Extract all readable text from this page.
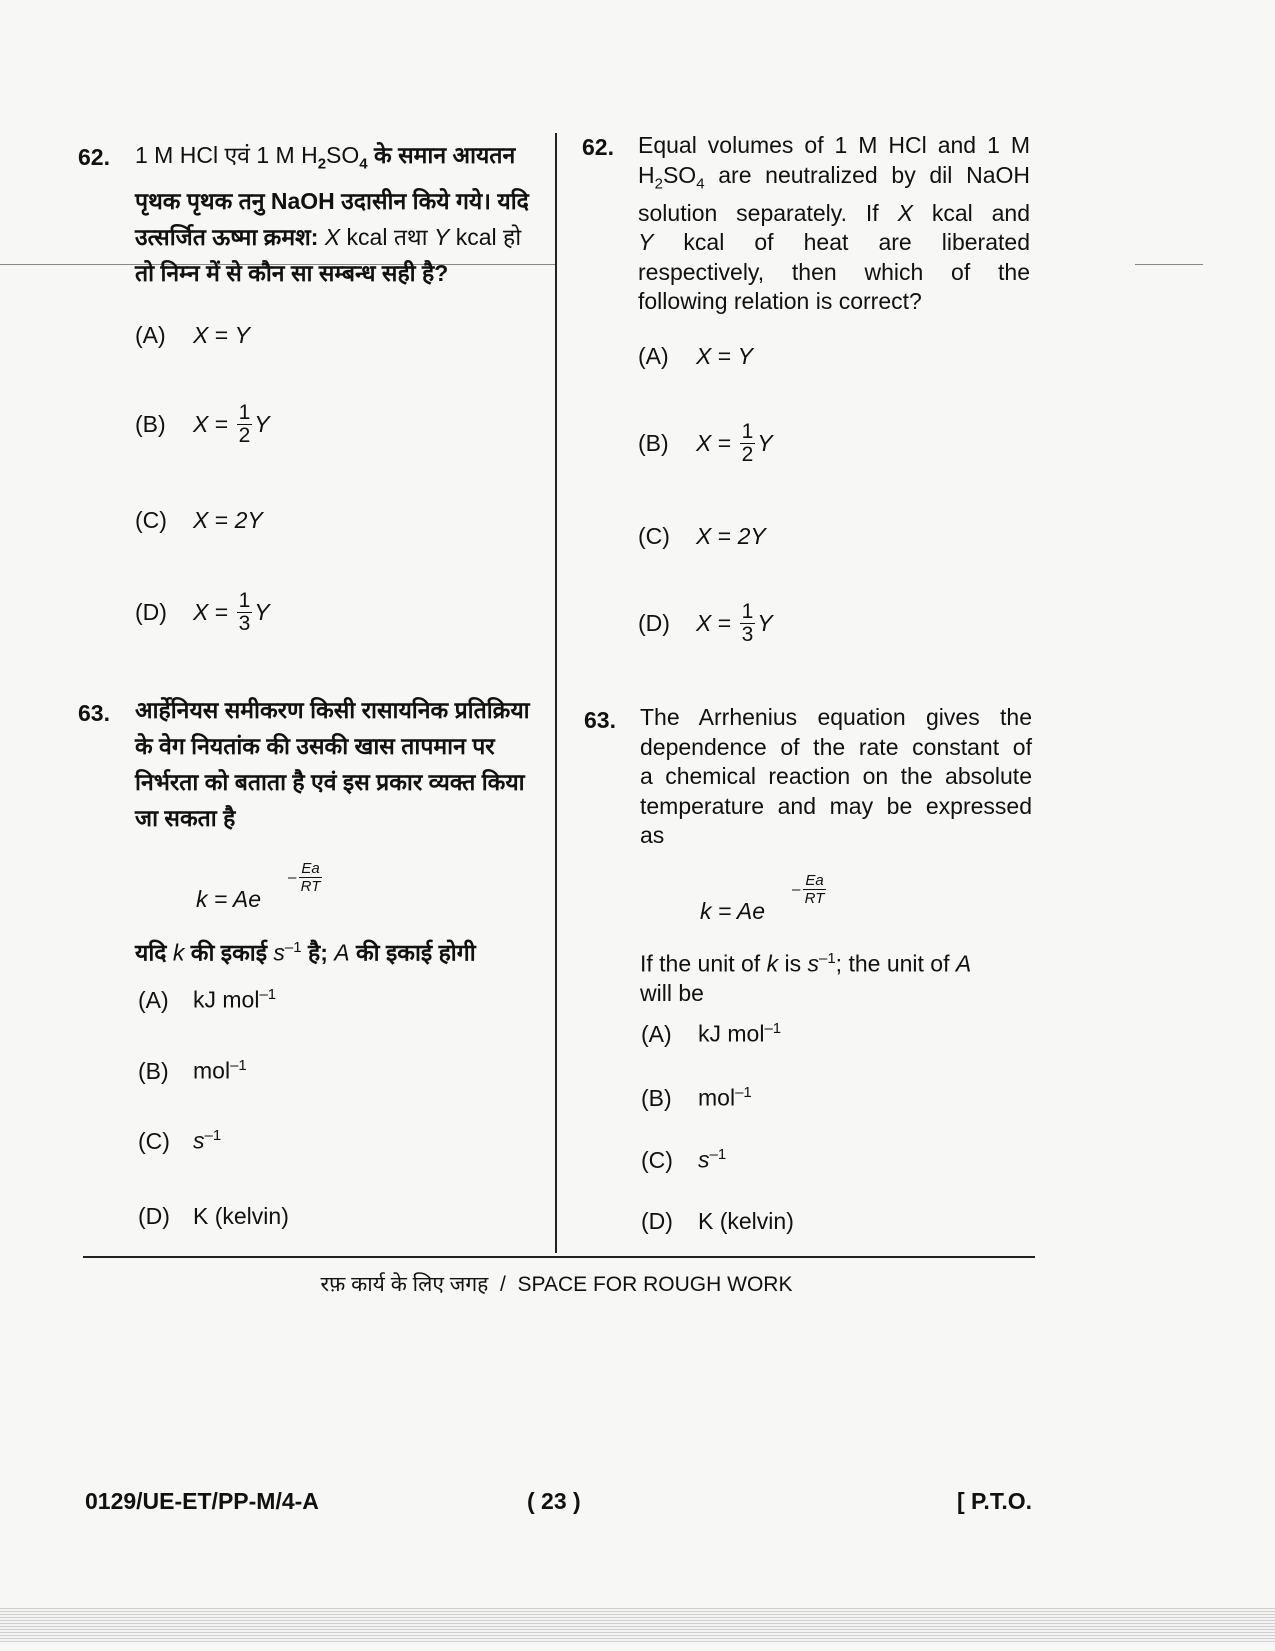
62. 1 M HCl एवं 1 M $H_2SO_4$ के समान आयतन
पृथक पृथक तनु NaOH उदासीन किये गये। यदि
उत्सर्जित ऊष्मा क्रमश: X kcal तथा Y kcal हो
तो निम्न में से कौन सा सम्बन्ध सही है?
(A) X = Y
(B) $X = \frac{1}{2}$ Y
(C) X = 2Y
(D) $X = \frac{1}{3}$ Y
63. आर्हेनियस समीकरण किसी रासायनिक प्रतिक्रिया
के वेग नियतांक की उसकी खास तापमान पर
निर्भरता को बताता है एवं इस प्रकार व्यक्त किया
जा सकता है
k = Ae
–
Ea
RT
यदि k की इकाई $s^{-1}$ है; A की इकाई होगी
(A) kJ mol$^{-1}$
(B) mol$^{-1}$
(C) $s^{-1}$
(D) K (kelvin)
62. Equal volumes of 1 M HCl and 1 M
$H_2SO_4$ are neutralized by dil NaOH
solution separately. If X kcal and
Y kcal of heat are liberated
respectively, then which of the
following relation is correct?
(A) X = Y
(B) $X = \frac{1}{2}$ Y
(C) X = 2Y
(D) $X = \frac{1}{3}$ Y
63. The Arrhenius equation gives the
dependence of the rate constant of
a chemical reaction on the absolute
temperature and may be expressed
as
k = Ae
–
Ea
RT
If the unit of k is $s^{-1}$; the unit of A
will be
(A) kJ mol$^{-1}$
(B) mol$^{-1}$
(C) $s^{-1}$
(D) K (kelvin)
रफ़ कार्य के लिए जगह  /  SPACE FOR ROUGH WORK
0129/UE-ET/PP-M/4-A	( 23 )	[ P.T.O.
